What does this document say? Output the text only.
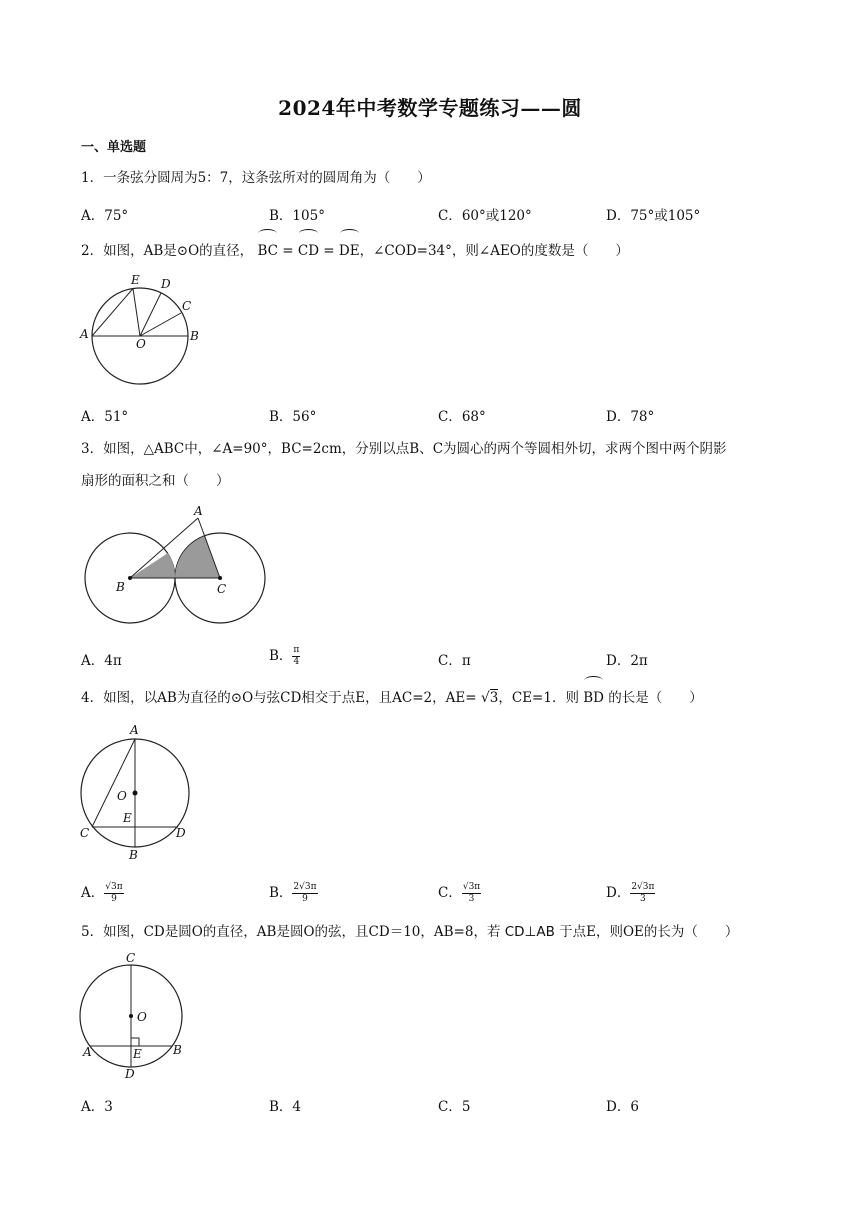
2024年中考数学专题练习——圆
一、单选题
1．一条弦分圆周为5：7，这条弦所对的圆周角为（　　）
A．75°	B．105°	C．60°或120°	D．75°或105°
2．如图，AB是⊙O的直径， BC = CD = DE，∠COD=34°，则∠AEO的度数是（　　）
A	B
O
E D
C
A．51°	B．56°	C．68°	D．78°
3．如图，△ABC中，∠A=90°，BC=2cm，分别以点B、C为圆心的两个等圆相外切，求两个图中两个阴影
扇形的面积之和（　　）
A
B	C
A．4π	B． $\frac{\pi}{4}$	C．π	D．2π
4．如图，以AB为直径的⊙O与弦CD相交于点E，且AC=2，AE= √3，CE=1．则 BD 的长是（　　）
A
O
E
C	D
B
A． $\frac{√3\pi}{9}$	B． $\frac{2√3\pi}{9}$	C． $\frac{√3\pi}{3}$	D． $\frac{2√3\pi}{3}$
5．如图，CD是圆O的直径，AB是圆O的弦，且CD＝10，AB=8，若 CD⊥AB 于点E，则OE的长为（　　）
C
O
A	E	B
D
A．3	B．4	C．5	D．6
